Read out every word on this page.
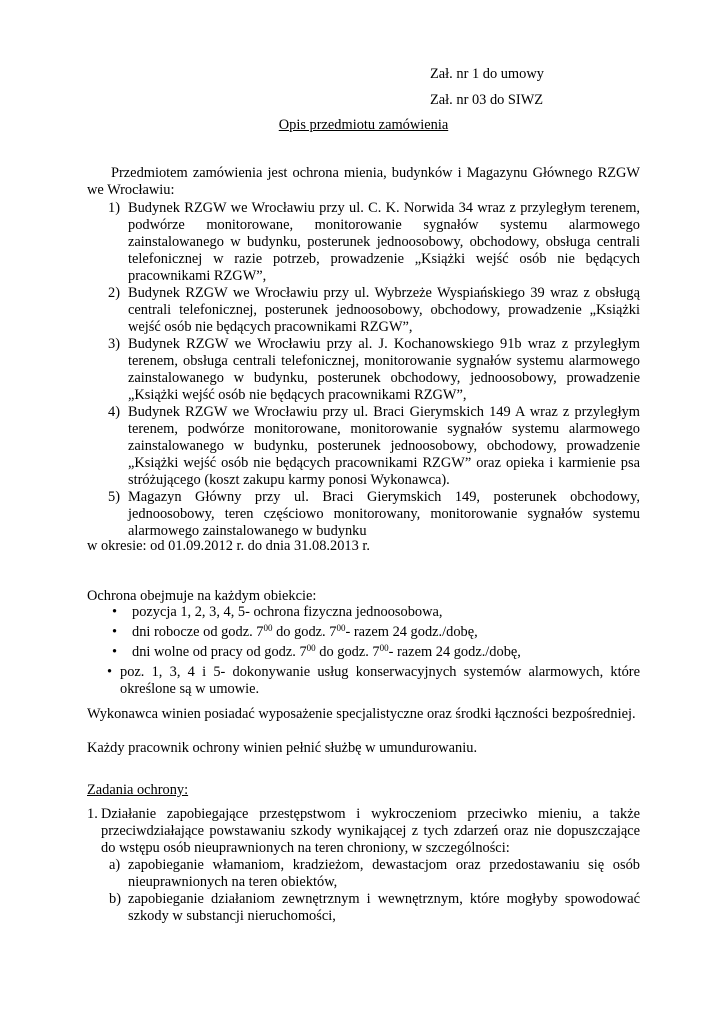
Zał. nr 1 do umowy
Zał. nr 03 do SIWZ

Opis przedmiotu zamówienia

Przedmiotem zamówienia jest ochrona mienia, budynków i Magazynu Głównego RZGW we Wrocławiu:

1) Budynek RZGW we Wrocławiu przy ul. C. K. Norwida 34 wraz z przyległym terenem, podwórze monitorowane, monitorowanie sygnałów systemu alarmowego zainstalowanego w budynku, posterunek jednoosobowy, obchodowy, obsługa centrali telefonicznej w razie potrzeb, prowadzenie „Książki wejść osób nie będących pracownikami RZGW”,
2) Budynek RZGW we Wrocławiu przy ul. Wybrzeże Wyspiańskiego 39 wraz z obsługą centrali telefonicznej, posterunek jednoosobowy, obchodowy, prowadzenie „Książki wejść osób nie będących pracownikami RZGW”,
3) Budynek RZGW we Wrocławiu przy al. J. Kochanowskiego 91b wraz z przyległym terenem, obsługa centrali telefonicznej, monitorowanie sygnałów systemu alarmowego zainstalowanego w budynku, posterunek obchodowy, jednoosobowy, prowadzenie „Książki wejść osób nie będących pracownikami RZGW”,
4) Budynek RZGW we Wrocławiu przy ul. Braci Gierymskich 149 A wraz z przyległym terenem, podwórze monitorowane, monitorowanie sygnałów systemu alarmowego zainstalowanego w budynku, posterunek jednoosobowy, obchodowy, prowadzenie „Książki wejść osób nie będących pracownikami RZGW” oraz opieka i karmienie psa stróżującego (koszt zakupu karmy ponosi Wykonawca).
5) Magazyn Główny przy ul. Braci Gierymskich 149, posterunek obchodowy, jednoosobowy, teren częściowo monitorowany, monitorowanie sygnałów systemu alarmowego zainstalowanego w budynku

w okresie: od 01.09.2012 r. do dnia 31.08.2013 r.

Ochrona obejmuje na każdym obiekcie:

• pozycja 1, 2, 3, 4, 5- ochrona fizyczna jednoosobowa,
• dni robocze od godz. $7^{00}$ do godz. $7^{00}-$ razem 24 godz./dobę,
• dni wolne od pracy od godz. $7^{00}$ do godz. $7^{00}-$ razem 24 godz./dobę,
• poz. 1, 3, 4 i 5- dokonywanie usług konserwacyjnych systemów alarmowych, które określone są w umowie.

Wykonawca winien posiadać wyposażenie specjalistyczne oraz środki łączności bezpośredniej.

Każdy pracownik ochrony winien pełnić służbę w umundurowaniu.

Zadania ochrony:

1. Działanie zapobiegające przestępstwom i wykroczeniom przeciwko mieniu, a także przeciwdziałające powstawaniu szkody wynikającej z tych zdarzeń oraz nie dopuszczające do wstępu osób nieuprawnionych na teren chroniony, w szczególności:
a) zapobieganie włamaniom, kradzieżom, dewastacjom oraz przedostawaniu się osób nieuprawnionych na teren obiektów,
b) zapobieganie działaniom zewnętrznym i wewnętrznym, które mogłyby spowodować szkody w substancji nieruchomości,
